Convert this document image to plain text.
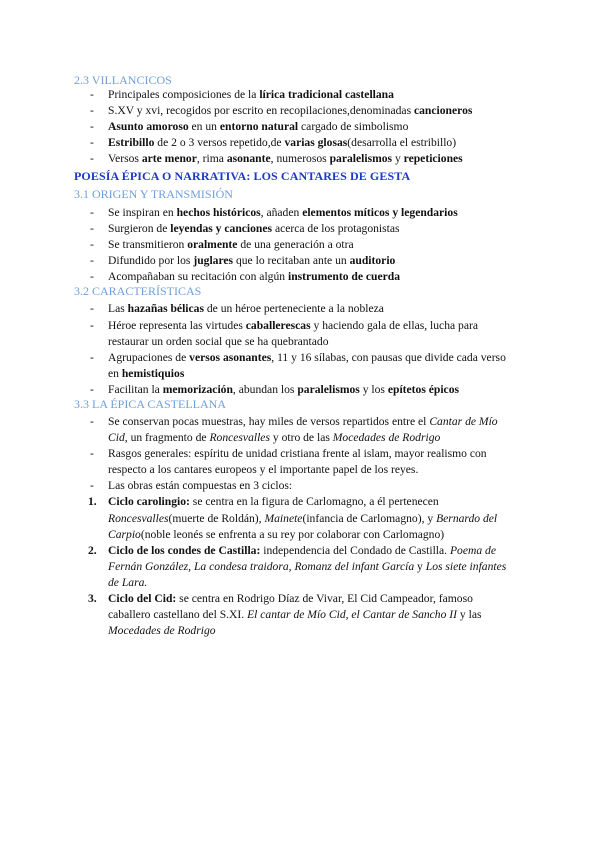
2.3 VILLANCICOS
-	Principales composiciones de la lírica tradicional castellana
-	S.XV y xvi, recogidos por escrito en recopilaciones,denominadas cancioneros
-	Asunto amoroso en un entorno natural cargado de simbolismo
-	Estribillo de 2 o 3 versos repetido,de varias glosas(desarrolla el estribillo)
-	Versos arte menor, rima asonante, numerosos paralelismos y repeticiones
POESÍA ÉPICA O NARRATIVA: LOS CANTARES DE GESTA
3.1 ORIGEN Y TRANSMISIÓN
-	Se inspiran en hechos históricos, añaden elementos míticos y legendarios
-	Surgieron de leyendas y canciones acerca de los protagonistas
-	Se transmitieron oralmente de una generación a otra
-	Difundido por los juglares que lo recitaban ante un auditorio
-	Acompañaban su recitación con algún instrumento de cuerda
3.2 CARACTERÍSTICAS
-	Las hazañas bélicas de un héroe perteneciente a la nobleza
-	Héroe representa las virtudes caballerescas y haciendo gala de ellas, lucha para
restaurar un orden social que se ha quebrantado
-	Agrupaciones de versos asonantes, 11 y 16 sílabas, con pausas que divide cada verso
en hemistiquios
-	Facilitan la memorización, abundan los paralelismos y los epítetos épicos
3.3 LA ÉPICA CASTELLANA
-	Se conservan pocas muestras, hay miles de versos repartidos entre el Cantar de Mío
Cid, un fragmento de Roncesvalles y otro de las Mocedades de Rodrigo
-	Rasgos generales: espíritu de unidad cristiana frente al islam, mayor realismo con
respecto a los cantares europeos y el importante papel de los reyes.
-	Las obras están compuestas en 3 ciclos:
1. Ciclo carolingio: se centra en la figura de Carlomagno, a él pertenecen
Roncesvalles(muerte de Roldán), Mainete(infancia de Carlomagno), y Bernardo del
Carpio(noble leonés se enfrenta a su rey por colaborar con Carlomagno)
2. Ciclo de los condes de Castilla: independencia del Condado de Castilla. Poema de
Fernán González, La condesa traidora, Romanz del infant García y Los siete infantes
de Lara.
3. Ciclo del Cid: se centra en Rodrigo Díaz de Vivar, El Cid Campeador, famoso
caballero castellano del S.XI. El cantar de Mío Cid, el Cantar de Sancho II y las
Mocedades de Rodrigo
